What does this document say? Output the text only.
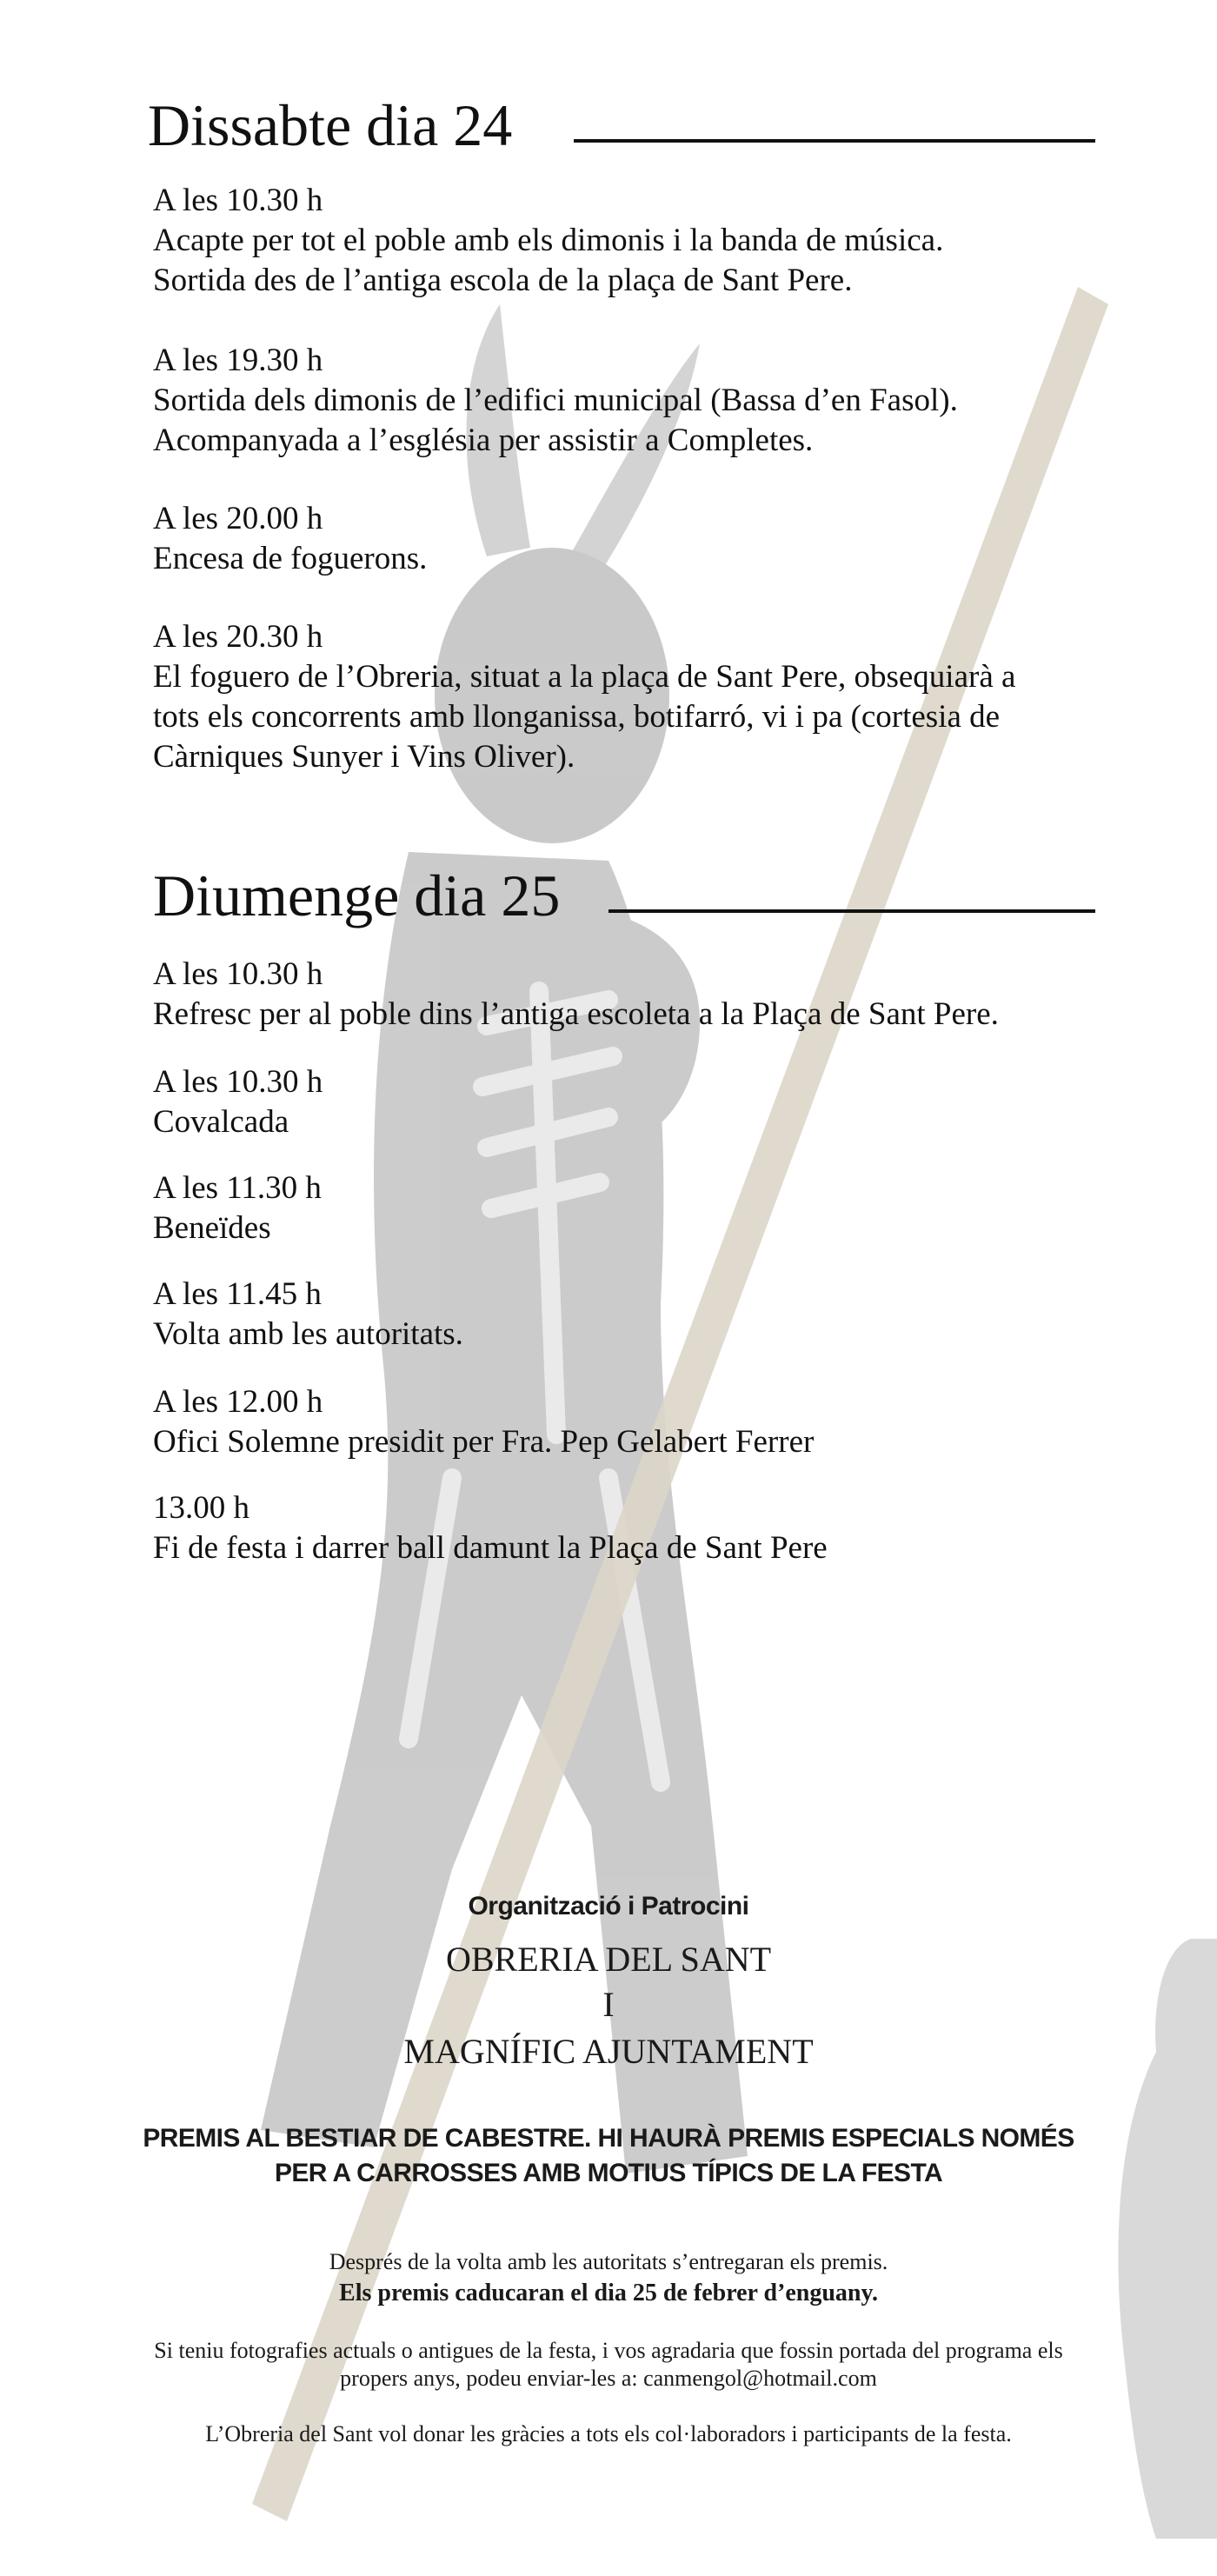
Dissabte dia 24
A les 10.30 h
Acapte per tot el poble amb els dimonis i la banda de música.
Sortida des de l’antiga escola de la plaça de Sant Pere.
A les 19.30 h
Sortida dels dimonis de l’edifici municipal (Bassa d’en Fasol).
Acompanyada a l’església per assistir a Completes.
A les 20.00 h
Encesa de foguerons.
A les 20.30 h
El foguero de l’Obreria, situat a la plaça de Sant Pere, obsequiarà a
tots els concorrents amb llonganissa, botifarró, vi i pa (cortesia de
Càrniques Sunyer i Vins Oliver).
Diumenge dia 25
A les 10.30 h
Refresc per al poble dins l’antiga escoleta a la Plaça de Sant Pere.
A les 10.30 h
Covalcada
A les 11.30 h
Beneïdes
A les 11.45 h
Volta amb les autoritats.
A les 12.00 h
Ofici Solemne presidit per Fra. Pep Gelabert Ferrer
13.00 h
Fi de festa i darrer ball damunt la Plaça de Sant Pere
Organització i Patrocini
OBRERIA DEL SANT
I
MAGNÍFIC AJUNTAMENT
PREMIS AL BESTIAR DE CABESTRE. HI HAURÀ PREMIS ESPECIALS NOMÉS
PER A CARROSSES AMB MOTIUS TÍPICS DE LA FESTA
Després de la volta amb les autoritats s’entregaran els premis.
Els premis caducaran el dia 25 de febrer d’enguany.
Si teniu fotografies actuals o antigues de la festa, i vos agradaria que fossin portada del programa els
propers anys, podeu enviar-les a: canmengol@hotmail.com
L’Obreria del Sant vol donar les gràcies a tots els col·laboradors i participants de la festa.
